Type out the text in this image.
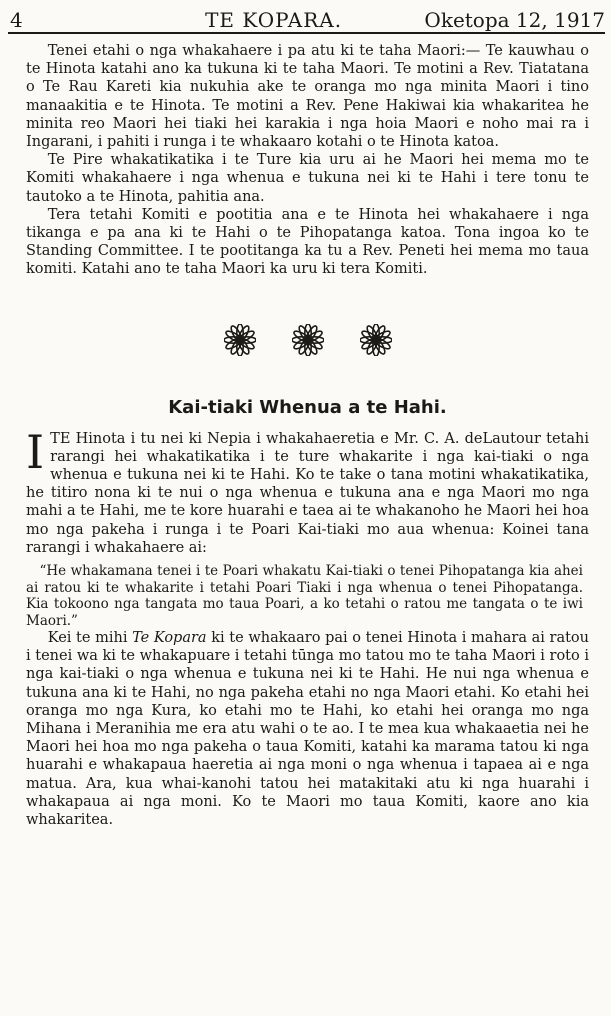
4	TE KOPARA.	Oketopa 12, 1917

Tenei etahi o nga whakahaere i pa atu ki te taha Maori:— Te kauwhau o te Hinota katahi ano ka tukuna ki te taha Maori. Te motini a Rev. Tiatatana o Te Rau Kareti kia nukuhia ake te oranga mo nga minita Maori i tino manaakitia e te Hinota. Te motini a Rev. Pene Hakiwai kia whakaritea he minita reo Maori hei tiaki hei karakia i nga hoia Maori e noho mai ra i Ingarani, i pahiti i runga i te whakaaro kotahi o te Hinota katoa.

Te Pire whakatikatika i te Ture kia uru ai he Maori hei mema mo te Komiti whakahaere i nga whenua e tukuna nei ki te Hahi i tere tonu te tautoko a te Hinota, pahitia ana.

Tera tetahi Komiti e pootitia ana e te Hinota hei whakahaere i nga tikanga e pa ana ki te Hahi o te Pihopatanga katoa. Tona ingoa ko te Standing Committee. I te pootitanga ka tu a Rev. Peneti hei mema mo taua komiti. Katahi ano te taha Maori ka uru ki tera Komiti.

Kai-tiaki Whenua a te Hahi.

I TE Hinota i tu nei ki Nepia i whakahaeretia e Mr. C. A. deLautour tetahi rarangi hei whakatikatika i te ture whakarite i nga kai-tiaki o nga whenua e tukuna nei ki te Hahi. Ko te take o tana motini whakatikatika, he titiro nona ki te nui o nga whenua e tukuna ana e nga Maori mo nga mahi a te Hahi, me te kore huarahi e taea ai te whakanoho he Maori hei hoa mo nga pakeha i runga i te Poari Kai-tiaki mo aua whenua: Koinei tana rarangi i whakahaere ai:

“He whakamana tenei i te Poari whakatu Kai-tiaki o tenei Pihopatanga kia ahei ai ratou ki te whakarite i tetahi Poari Tiaki i nga whenua o tenei Pihopatanga. Kia tokoono nga tangata mo taua Poari, a ko tetahi o ratou me tangata o te iwi Maori.”

Kei te mihi Te Kopara ki te whakaaro pai o tenei Hinota i mahara ai ratou i tenei wa ki te whakapuare i tetahi tūnga mo tatou mo te taha Maori i roto i nga kai-tiaki o nga whenua e tukuna nei ki te Hahi. He nui nga whenua e tukuna ana ki te Hahi, no nga pakeha etahi no nga Maori etahi. Ko etahi hei oranga mo nga Kura, ko etahi mo te Hahi, ko etahi hei oranga mo nga Mihana i Meranihia me era atu wahi o te ao. I te mea kua whakaaetia nei he Maori hei hoa mo nga pakeha o taua Komiti, katahi ka marama tatou ki nga huarahi e whakapaua haeretia ai nga moni o nga whenua i tapaea ai e nga matua. Ara, kua whai-kanohi tatou hei matakitaki atu ki nga huarahi i whakapaua ai nga moni. Ko te Maori mo taua Komiti, kaore ano kia whakaritea.
